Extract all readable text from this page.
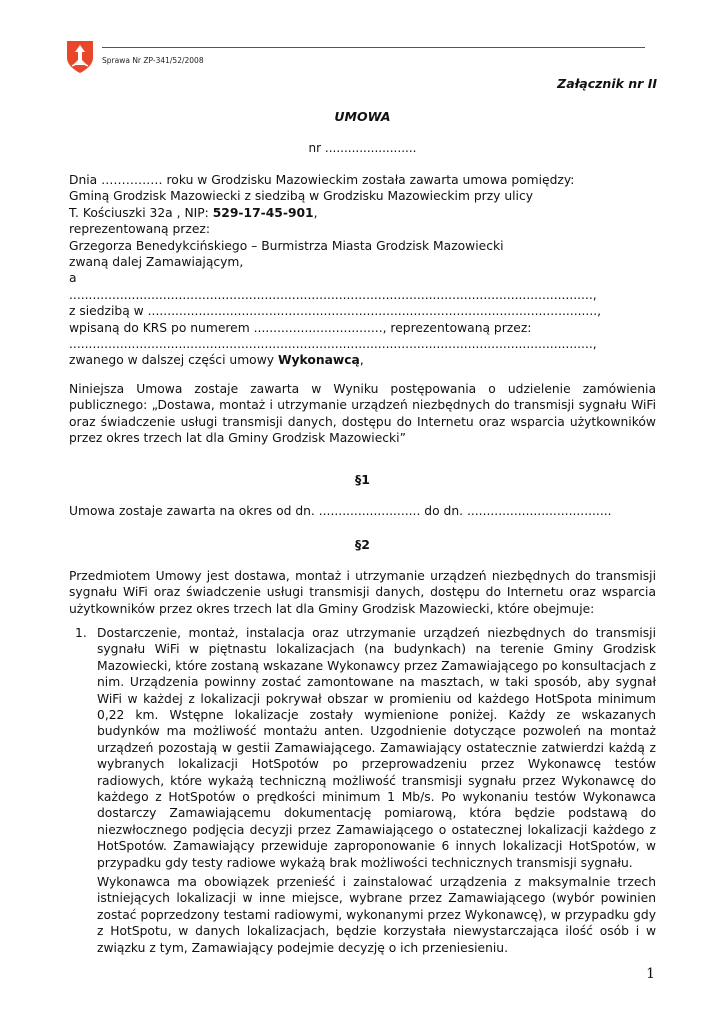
Sprawa Nr ZP-341/52/2008
Załącznik nr II
UMOWA
nr ........................
Dnia …………… roku w Grodzisku Mazowieckim została zawarta umowa pomiędzy:
Gminą Grodzisk Mazowiecki z siedzibą w Grodzisku Mazowieckim przy ulicy
T. Kościuszki 32a , NIP: 529-17-45-901,
reprezentowaną przez:
Grzegorza Benedykcińskiego – Burmistrza Miasta Grodzisk Mazowiecki
zwaną dalej Zamawiającym,
a
......................................................................................................................................,
z siedzibą w ...................................................................................................................,
wpisaną do KRS po numerem ................................., reprezentowaną przez:
......................................................................................................................................,
zwanego w dalszej części umowy Wykonawcą,
Niniejsza Umowa zostaje zawarta w Wyniku postępowania o udzielenie zamówienia publicznego: „Dostawa, montaż i utrzymanie urządzeń niezbędnych do transmisji sygnału WiFi oraz świadczenie usługi transmisji danych, dostępu do Internetu oraz wsparcia użytkowników przez okres trzech lat dla Gminy Grodzisk Mazowiecki”
§1
Umowa zostaje zawarta na okres od dn. .......................... do dn. .....................................
§2
Przedmiotem Umowy jest dostawa, montaż i utrzymanie urządzeń niezbędnych do transmisji sygnału WiFi oraz świadczenie usługi transmisji danych, dostępu do Internetu oraz wsparcia użytkowników przez okres trzech lat dla Gminy Grodzisk Mazowiecki, które obejmuje:
1. Dostarczenie, montaż, instalacja oraz utrzymanie urządzeń niezbędnych do transmisji sygnału WiFi w piętnastu lokalizacjach (na budynkach) na terenie Gminy Grodzisk Mazowiecki, które zostaną wskazane Wykonawcy przez Zamawiającego po konsultacjach z nim. Urządzenia powinny zostać zamontowane na masztach, w taki sposób, aby sygnał WiFi w każdej z lokalizacji pokrywał obszar w promieniu od każdego HotSpota minimum 0,22 km. Wstępne lokalizacje zostały wymienione poniżej. Każdy ze wskazanych budynków ma możliwość montażu anten. Uzgodnienie dotyczące pozwoleń na montaż urządzeń pozostają w gestii Zamawiającego. Zamawiający ostatecznie zatwierdzi każdą z wybranych lokalizacji HotSpotów po przeprowadzeniu przez Wykonawcę testów radiowych, które wykażą techniczną możliwość transmisji sygnału przez Wykonawcę do każdego z HotSpotów o prędkości minimum 1 Mb/s. Po wykonaniu testów Wykonawca dostarczy Zamawiającemu dokumentację pomiarową, która będzie podstawą do niezwłocznego podjęcia decyzji przez Zamawiającego o ostatecznej lokalizacji każdego z HotSpotów. Zamawiający przewiduje zaproponowanie 6 innych lokalizacji HotSpotów, w przypadku gdy testy radiowe wykażą brak możliwości technicznych transmisji sygnału.
Wykonawca ma obowiązek przenieść i zainstalować urządzenia z maksymalnie trzech istniejących lokalizacji w inne miejsce, wybrane przez Zamawiającego (wybór powinien zostać poprzedzony testami radiowymi, wykonanymi przez Wykonawcę), w przypadku gdy z HotSpotu, w danych lokalizacjach, będzie korzystała niewystarczająca ilość osób i w związku z tym, Zamawiający podejmie decyzję o ich przeniesieniu.
1
